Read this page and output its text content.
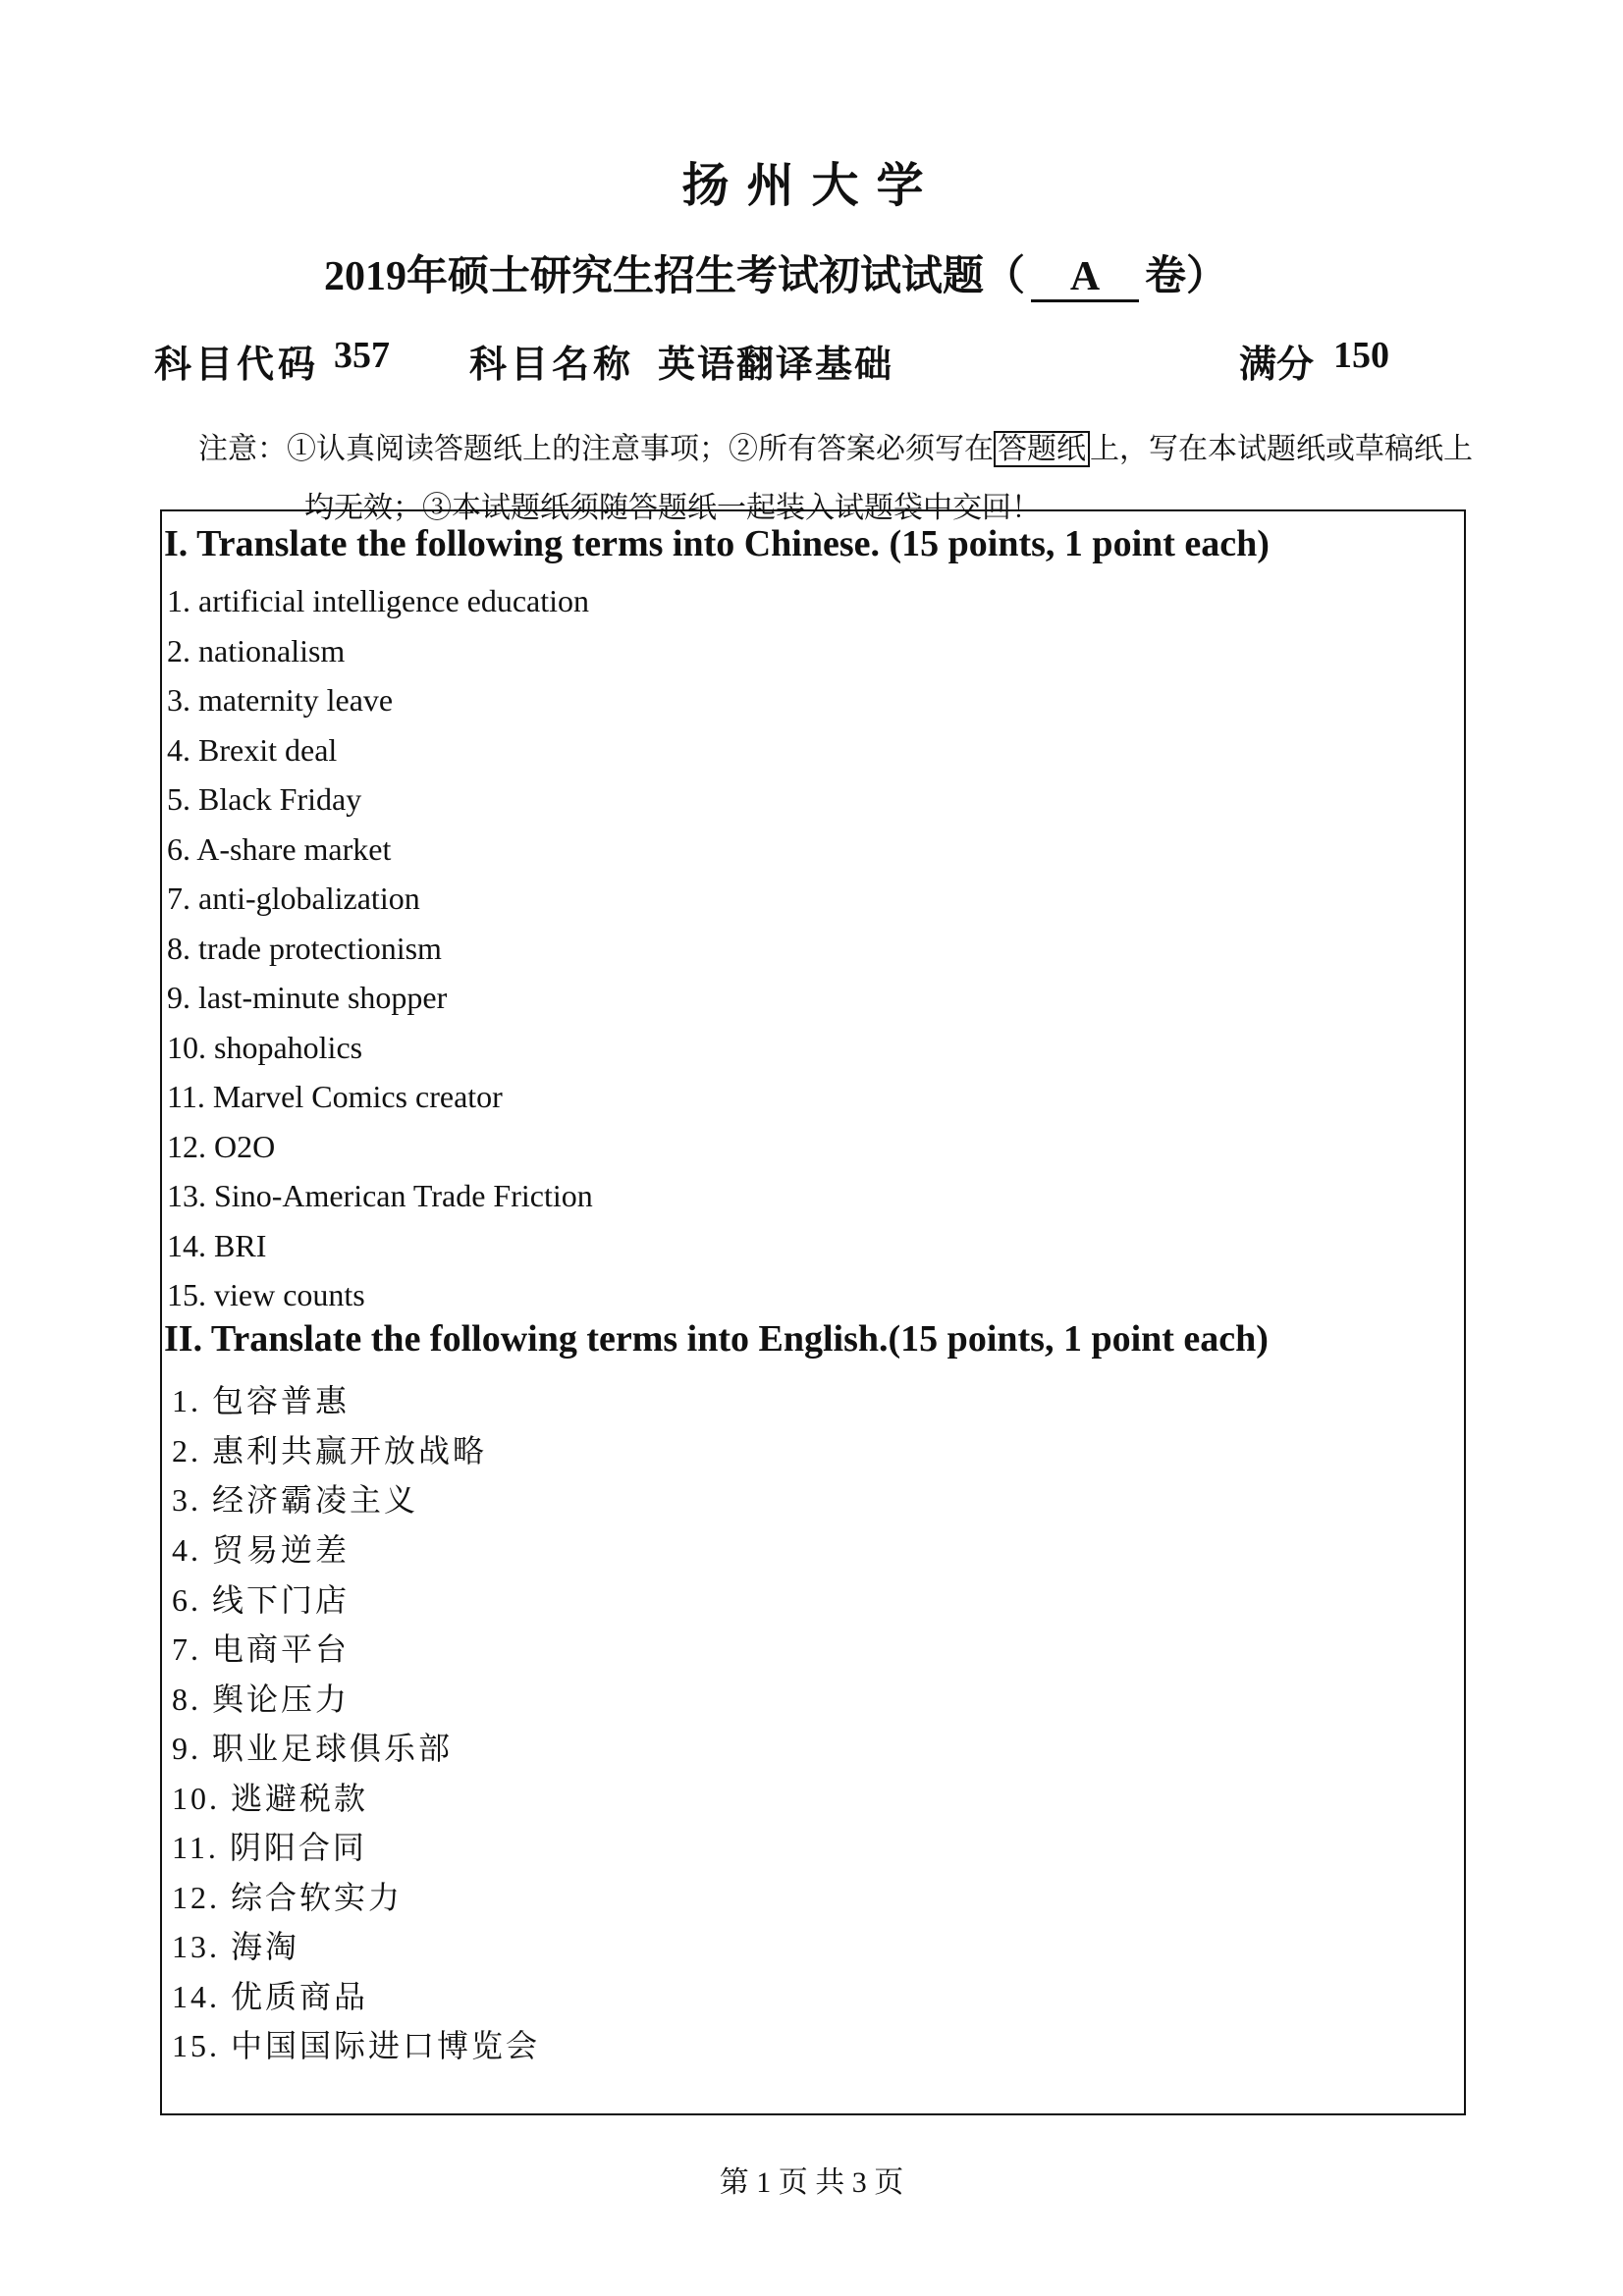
扬州大学
2019年硕士研究生招生考试初试试题（ A 卷）
科目代码 357 科目名称 英语翻译基础	满分 150
注意：①认真阅读答题纸上的注意事项；②所有答案必须写在 答题纸 上，写在本试题纸或草稿纸上
均无效；③本试题纸须随答题纸一起装入试题袋中交回！
I. Translate the following terms into Chinese. (15 points, 1 point each)
1. artificial intelligence education
2. nationalism
3. maternity leave
4. Brexit deal
5. Black Friday
6. A-share market
7. anti-globalization
8. trade protectionism
9. last-minute shopper
10. shopaholics
11. Marvel Comics creator
12. O2O
13. Sino-American Trade Friction
14. BRI
15. view counts
II. Translate the following terms into English.(15 points, 1 point each)
1. 包容普惠
2. 惠利共赢开放战略
3. 经济霸凌主义
4. 贸易逆差
6. 线下门店
7. 电商平台
8. 舆论压力
9. 职业足球俱乐部
10. 逃避税款
11. 阴阳合同
12. 综合软实力
13. 海淘
14. 优质商品
15. 中国国际进口博览会
第 1 页 共 3 页
